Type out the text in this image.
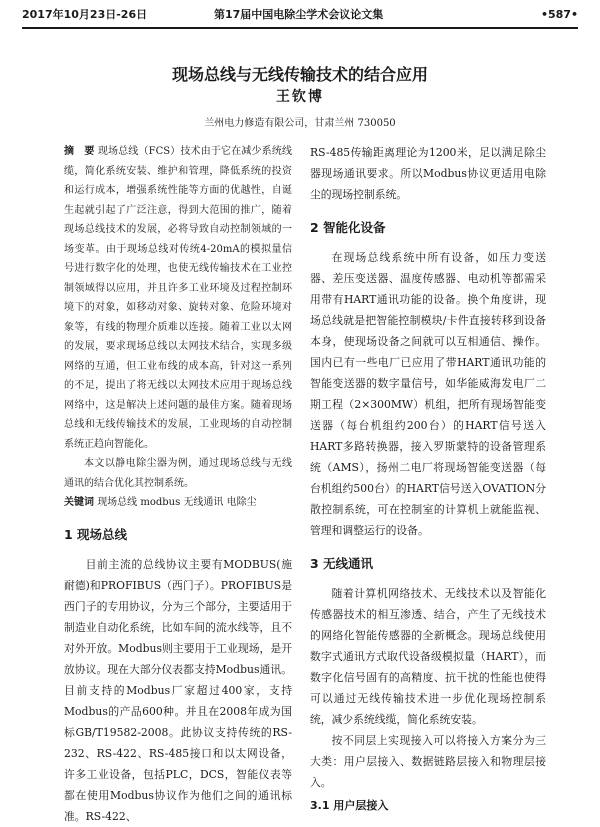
2017年10月23日-26日	第17届中国电除尘学术会议论文集	•587•
现场总线与无线传输技术的结合应用
王钦博
兰州电力修造有限公司，甘肃兰州 730050

摘　要 现场总线（FCS）技术由于它在减少系统线缆，简化系统安装、维护和管理，降低系统的投资和运行成本，增强系统性能等方面的优越性，自诞生起就引起了广泛注意，得到大范围的推广，随着现场总线技术的发展，必将导致自动控制领域的一场变革。由于现场总线对传统4-20mA的模拟量信号进行数字化的处理，也使无线传输技术在工业控制领域得以应用，并且许多工业环境及过程控制环境下的对象，如移动对象、旋转对象、危险环境对象等，有线的物理介质难以连接。随着工业以太网的发展，要求现场总线以太网技术结合，实现多级网络的互通，但工业布线的成本高，针对这一系列的不足，提出了将无线以太网技术应用于现场总线网络中，这是解决上述问题的最佳方案。随着现场总线和无线传输技术的发展，工业现场的自动控制系统正趋向智能化。

本文以静电除尘器为例，通过现场总线与无线通讯的结合优化其控制系统。

关键词 现场总线 modbus 无线通讯 电除尘

1 现场总线

目前主流的总线协议主要有MODBUS(施耐德)和PROFIBUS（西门子）。PROFIBUS是西门子的专用协议，分为三个部分，主要适用于制造业自动化系统，比如车间的流水线等，且不对外开放。Modbus则主要用于工业现场，是开放协议。现在大部分仪表都支持Modbus通讯。目前支持的Modbus厂家超过400家，支持Modbus的产品600种。并且在2008年成为国标GB/T19582-2008。此协议支持传统的RS-232、RS-422、RS-485接口和以太网设备，许多工业设备，包括PLC，DCS，智能仪表等都在使用Modbus协议作为他们之间的通讯标准。RS-422、

RS-485传输距离理论为1200米，足以满足除尘器现场通讯要求。所以Modbus协议更适用电除尘的现场控制系统。

2 智能化设备

在现场总线系统中所有设备，如压力变送器、差压变送器、温度传感器、电动机等都需采用带有HART通讯功能的设备。换个角度讲，现场总线就是把智能控制模块/卡件直接转移到设备本身，使现场设备之间就可以互相通信、操作。国内已有一些电厂已应用了带HART通讯功能的智能变送器的数字量信号，如华能威海发电厂二期工程（2×300MW）机组，把所有现场智能变送器（每台机组约200台）的HART信号送入HART多路转换器，接入罗斯蒙特的设备管理系统（AMS），扬州二电厂将现场智能变送器（每台机组约500台）的HART信号送入OVATION分散控制系统，可在控制室的计算机上就能监视、管理和调整运行的设备。

3 无线通讯

随着计算机网络技术、无线技术以及智能化传感器技术的相互渗透、结合，产生了无线技术的网络化智能传感器的全新概念。现场总线使用数字式通讯方式取代设备级模拟量（HART），而数字化信号固有的高精度、抗干扰的性能也使得可以通过无线传输技术进一步优化现场控制系统，减少系统线缆，简化系统安装。

按不同层上实现接入可以将接入方案分为三大类：用户层接入、数据链路层接入和物理层接入。

3.1 用户层接入
